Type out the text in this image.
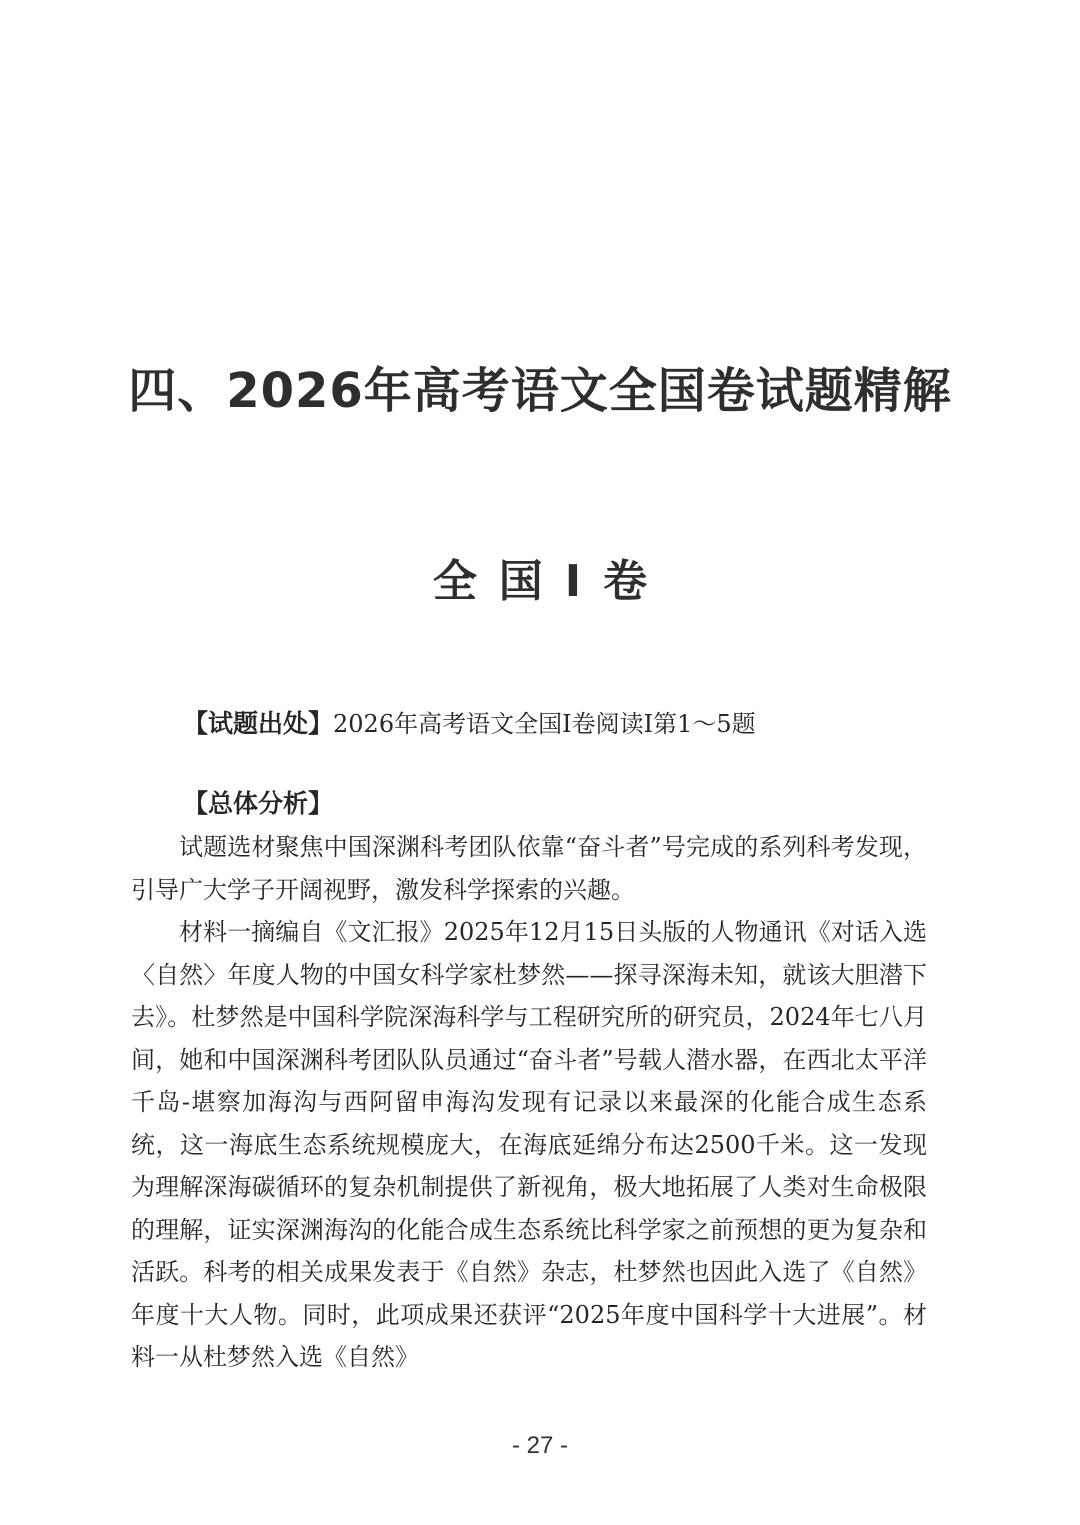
四、2026年高考语文全国卷试题精解
全国Ⅰ卷
【试题出处】2026年高考语文全国Ⅰ卷阅读Ⅰ第1～5题
【总体分析】

试题选材聚焦中国深渊科考团队依靠“奋斗者”号完成的系列科考发现，引导广大学子开阔视野，激发科学探索的兴趣。

材料一摘编自《文汇报》2025年12月15日头版的人物通讯《对话入选〈自然〉年度人物的中国女科学家杜梦然——探寻深海未知，就该大胆潜下去》。杜梦然是中国科学院深海科学与工程研究所的研究员，2024年七八月间，她和中国深渊科考团队队员通过“奋斗者”号载人潜水器，在西北太平洋千岛-堪察加海沟与西阿留申海沟发现有记录以来最深的化能合成生态系统，这一海底生态系统规模庞大，在海底延绵分布达2500千米。这一发现为理解深海碳循环的复杂机制提供了新视角，极大地拓展了人类对生命极限的理解，证实深渊海沟的化能合成生态系统比科学家之前预想的更为复杂和活跃。科考的相关成果发表于《自然》杂志，杜梦然也因此入选了《自然》年度十大人物。同时，此项成果还获评“2025年度中国科学十大进展”。材料一从杜梦然入选《自然》

- 27 -
